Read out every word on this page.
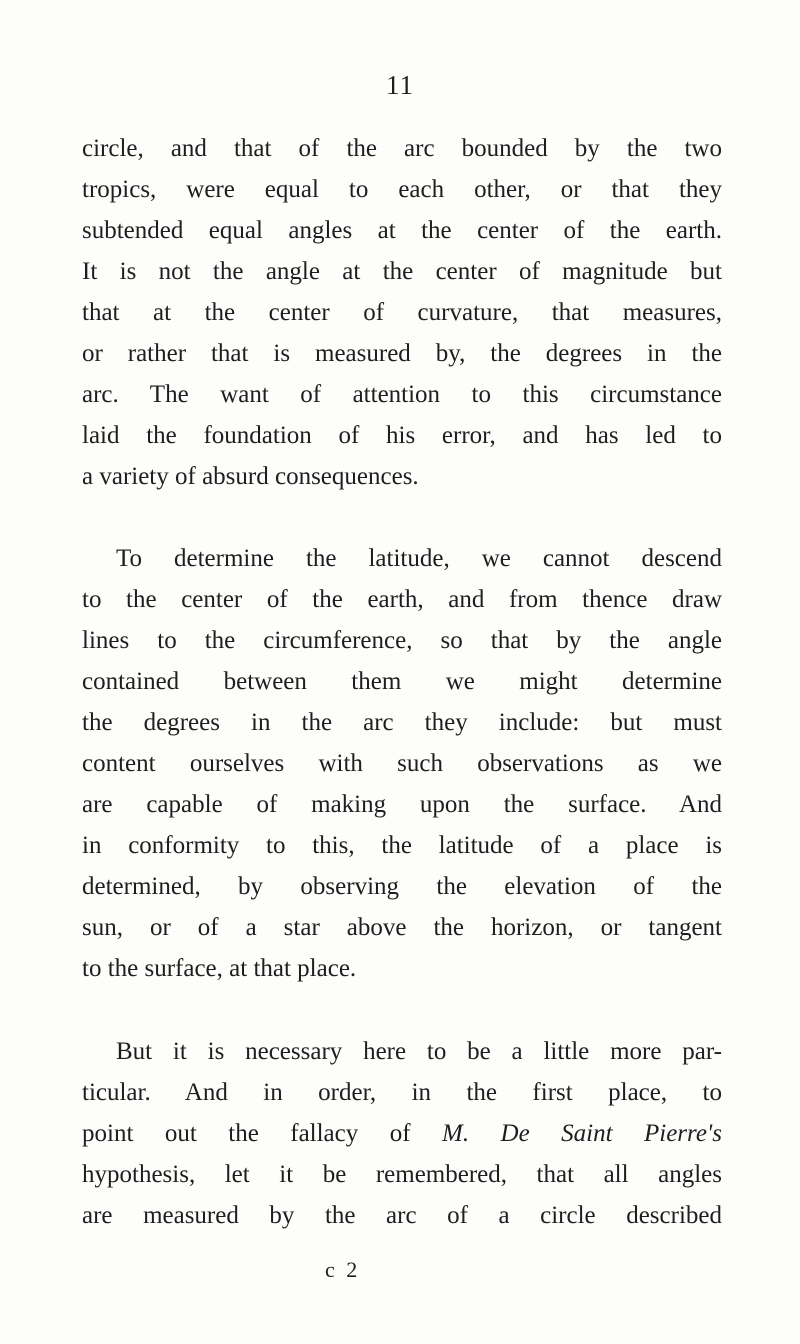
11

circle, and that of the arc bounded by the two
tropics, were equal to each other, or that they
subtended equal angles at the center of the earth.
It is not the angle at the center of magnitude but
that at the center of curvature, that measures,
or rather that is measured by, the degrees in the
arc. The want of attention to this circumstance
laid the foundation of his error, and has led to
a variety of absurd consequences.

To determine the latitude, we cannot descend
to the center of the earth, and from thence draw
lines to the circumference, so that by the angle
contained between them we might determine
the degrees in the arc they include: but must
content ourselves with such observations as we
are capable of making upon the surface. And
in conformity to this, the latitude of a place is
determined, by observing the elevation of the
sun, or of a star above the horizon, or tangent
to the surface, at that place.

But it is necessary here to be a little more par-
ticular. And in order, in the first place, to
point out the fallacy of M. De Saint Pierre's
hypothesis, let it be remembered, that all angles
are measured by the arc of a circle described

c 2
